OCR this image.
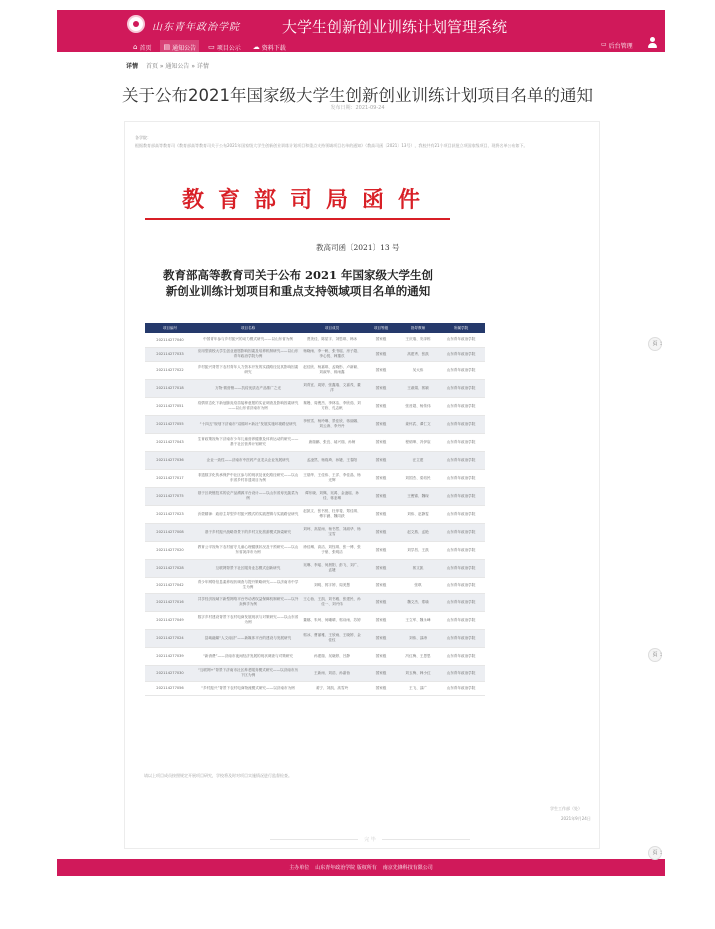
山东青年政治学院	大学生创新创业训练计划管理系统
⌂ 首页 ▤ 通知公告 ▭ 项目公示 ☁ 资料下载	▭ 后台管理
详情 首页 » 通知公告 » 详情
关于公布2021年国家级大学生创新创业训练计划项目名单的通知
发布日期：2021-09-24
各学院：
根据教育部高等教育司《教育部高等教育司关于公布2021年国家级大学生创新创业训练计划项目和重点支持领域项目名单的通知》（教高司函〔2021〕13号），我校共有21个项目获批立项国家级项目，现将名单公布如下。
教育部司局函件
教高司函〔2021〕13 号
教育部高等教育司关于公布 2021 年国家级大学生创新创业训练计划项目和重点支持领域项目名单的通知
项目编号	项目名称	项目成员	项目等级	指导教师	所属学院
202114277040	中国青年参与乡村振兴的动力模式研究——以山东省为例	贾美佳、陈星宇、刘思琪、韩冰	国家级	王庆瑞、安泽栋	山东青年政治学院
202114277033	应用型高校大学生创业意愿影响因素及培养机制研究——以山东青年政治学院为例	杨晓雨、李一帆、张书瑶、房子超、李心悦、韩蕙苡	国家级	高建秀、张凯	山东青年政治学院
202114277022	乡村振兴背景下农村青年人力资本开发的实践路径及其影响因素研究	赵佳欣、杨嘉琪、孟晓彤、卢新颖、刘淑华、蒋雨鑫	国家级	吴大伟	山东青年政治学院
202114277018	万物·微营销——抗疫优质农产品推广之光	刘青宜、周婷、张鑫瑞、文嘉茂、董洋	国家级	王淑娟、郭颖	山东青年政治学院
202114277051	疫情常态化下新冠肺炎疫苗接种意愿的实证调查及影响因素研究——以山东省济南市为例	秦嫚、周俊杰、李林洁、李欣茹、刘方欣、孔志帆	国家级	张晋超、杨传伟	山东青年政治学院
202114277055	“十四五”规划下济南市“双循环+新社”发展实施环境路径研究	李恒雪、杨玲琳、景佳欣、蒋丽娜、刘云涛、李丹丹	国家级	姜怀武、谭仁文	山东青年政治学院
202114277043	生育政策视角下济南市少年儿童营养健康及体育运动的研究——基于社区营养计划研究	唐瑞鹏、张宜、郝兴瑞、孙舸	国家级	程炳坤、冯伊宸	山东青年政治学院
202114277036	企业一致性——济南市中医药产业龙头企业发展研究	孟凌然、杨珑琦、孙婕、王春阳	国家级	汪立建	山东青年政治学院
202114277017	非遗数字化传承保护中社区参与的现状及优化路径研究——以山东省乡村非遗项目为例	王瑞华、王佳伟、王洋、李佳晶、杨光辉	国家级	刘国杰、梁培民	山东青年政治学院
202114277075	基于区块链技术的农产品溯源平台设计——以山东省寿光蔬菜为例	谭东晓、刘佩、吴鸿、金凌瑶、孙佳、蒋亚琳	国家级	王俊锦、魏琛	山东青年政治学院
202114277023	沂蒙精神：政府主导型乡村振兴模式的实践逻辑与实践路径研究	赵凯文、张书悦、杜菲斐、郑佳琪、傅宇涵、魏同跃	国家级	刘伟、赵静雯	山东青年政治学院
202114277008	基于乡村振兴战略背景下的乡村文化旅游模式探索研究	刘珂、高星雨、杨书然、刘淑华、杨宝雪	国家级	赵文燕、孟艳	山东青年政治学院
202114277020	教育公平视角下农村留守儿童心理健康状况及干预研究——以山东省菏泽市为例	徐佳琳、高洁、刘钰琪、张一博、张子豪、张明洁	国家级	刘学昌、王凯	山东青年政治学院
202114277028	互联网背景下社区服务业态模式创新研究	吴琳、李瑶、何晨阳、彭飞、刘广、孟婕	国家级	郭文凯	山东青年政治学院
202114277042	青少年网络信息素养现状调查与提升策略研究——以济南市中学生为例	刘明、郭宇婷、周美慧	国家级	张琪	山东青年政治学院
202114277016	共享经济视域下新型网络平台劳动者权益保障机制研究——以外卖骑手为例	王心怡、王凯、刘书雅、张建民、孙佳一、刘兴伟	国家级	魏文杰、郑瑜	山东青年政治学院
202114277049	数字乡村建设背景下农村电商发展现状与对策研究——以山东省为例	董娜、朱珂、何曦晴、郭诗雨、苏婷	国家级	王立军、魏永峰	山东青年政治学院
202114277024	县域融媒“人文南济”——新媒体平台的建设与发展研究	郭冰、曹丽雅、王欣雨、王晓婷、金佳仪	国家级	刘伟、邵涛	山东青年政治学院
202114277039	“新消费”——济南市夜间经济发展的现状调查与对策研究	孙建瑞、吴晓婷、吕静	国家级	冯红梅、王思思	山东青年政治学院
202114277030	“互联网+”背景下济南市社区养老服务模式研究——以济南市历下区为例	王新雨、刘浩、孙嘉怡	国家级	刘玉梅、韩小红	山东青年政治学院
202114277056	“乡村振兴”背景下农村电商物流模式研究——以济南市为例	姜宁、刘凯、高雪玲	国家级	王飞、邵广	山东青年政治学院
请以上项目成员按照规定开展项目研究，学校将及时对项目实施情况进行监督检查。
学生工作部（处）
2021年9月24日
完 毕
主办单位 山东青年政治学院 版权所有 南京先锋科技有限公司
页 :
页 :
页 :
